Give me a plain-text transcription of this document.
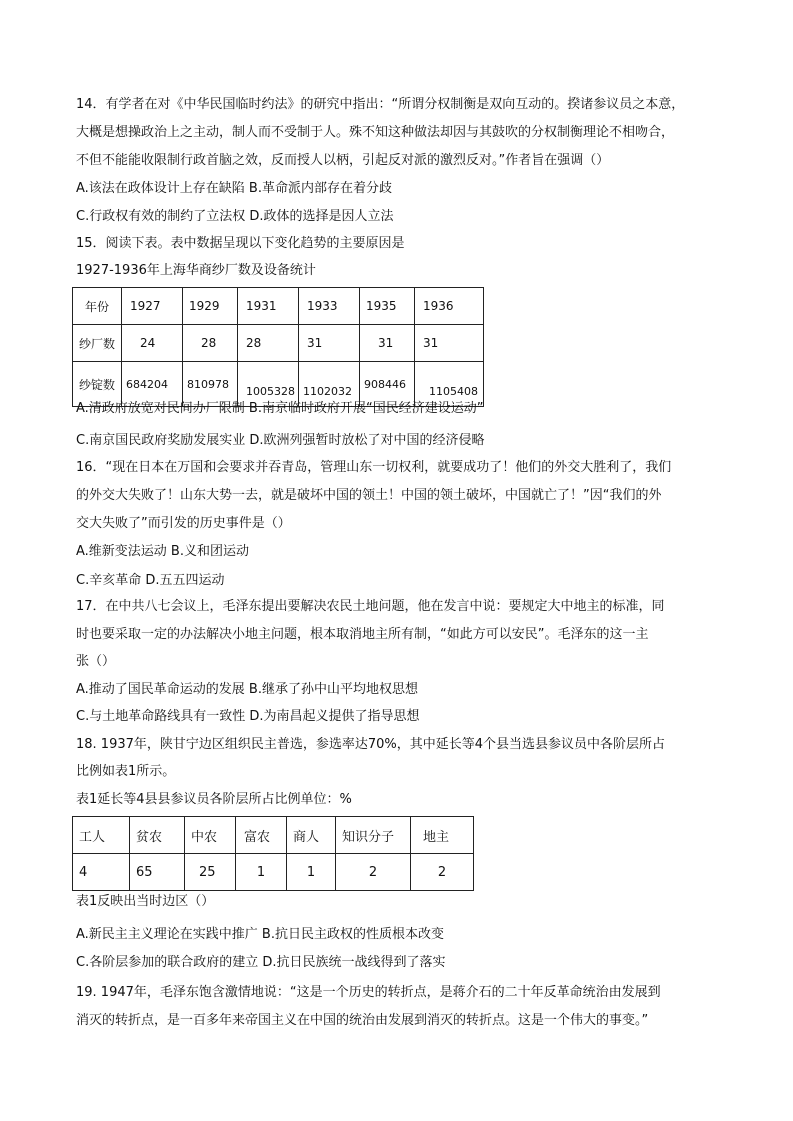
14．有学者在对《中华民国临时约法》的研究中指出：“所谓分权制衡是双向互动的。揆诸参议员之本意，
大概是想操政治上之主动，制人而不受制于人。殊不知这种做法却因与其鼓吹的分权制衡理论不相吻合，
不但不能能收限制行政首脑之效，反而授人以柄，引起反对派的激烈反对。”作者旨在强调（）
A.该法在政体设计上存在缺陷 B.革命派内部存在着分歧
C.行政权有效的制约了立法权 D.政体的选择是因人立法
15．阅读下表。表中数据呈现以下变化趋势的主要原因是
1927-1936年上海华商纱厂数及设备统计
年份	1927	1929	1931	1933	1935	1936
纱厂数	24	28	28	31	31	31
纱锭数	684204	810978	1005328	1102032	908446	1105408
A.清政府放宽对民间办厂限制 B.南京临时政府开展“国民经济建设运动”
C.南京国民政府奖励发展实业 D.欧洲列强暂时放松了对中国的经济侵略
16．“现在日本在万国和会要求并吞青岛，管理山东一切权利，就要成功了！他们的外交大胜利了，我们
的外交大失败了！山东大势一去，就是破坏中国的领土！中国的领土破坏，中国就亡了！”因“我们的外
交大失败了”而引发的历史事件是（）
A.维新变法运动 B.义和团运动
C.辛亥革命 D.五五四运动
17．在中共八七会议上，毛泽东提出要解决农民土地问题，他在发言中说：要规定大中地主的标准，同
时也要采取一定的办法解决小地主问题，根本取消地主所有制，“如此方可以安民”。毛泽东的这一主
张（）
A.推动了国民革命运动的发展 B.继承了孙中山平均地权思想
C.与土地革命路线具有一致性 D.为南昌起义提供了指导思想
18. 1937年，陕甘宁边区组织民主普选，参选率达70%，其中延长等4个县当选县参议员中各阶层所占
比例如表1所示。
表1延长等4县县参议员各阶层所占比例单位：%
工人	贫农	中农	富农	商人	知识分子	地主
4	65	25	1	1	2	2
表1反映出当时边区（）
A.新民主主义理论在实践中推广 B.抗日民主政权的性质根本改变
C.各阶层参加的联合政府的建立 D.抗日民族统一战线得到了落实
19. 1947年，毛泽东饱含激情地说：“这是一个历史的转折点，是蒋介石的二十年反革命统治由发展到
消灭的转折点，是一百多年来帝国主义在中国的统治由发展到消灭的转折点。这是一个伟大的事变。”
